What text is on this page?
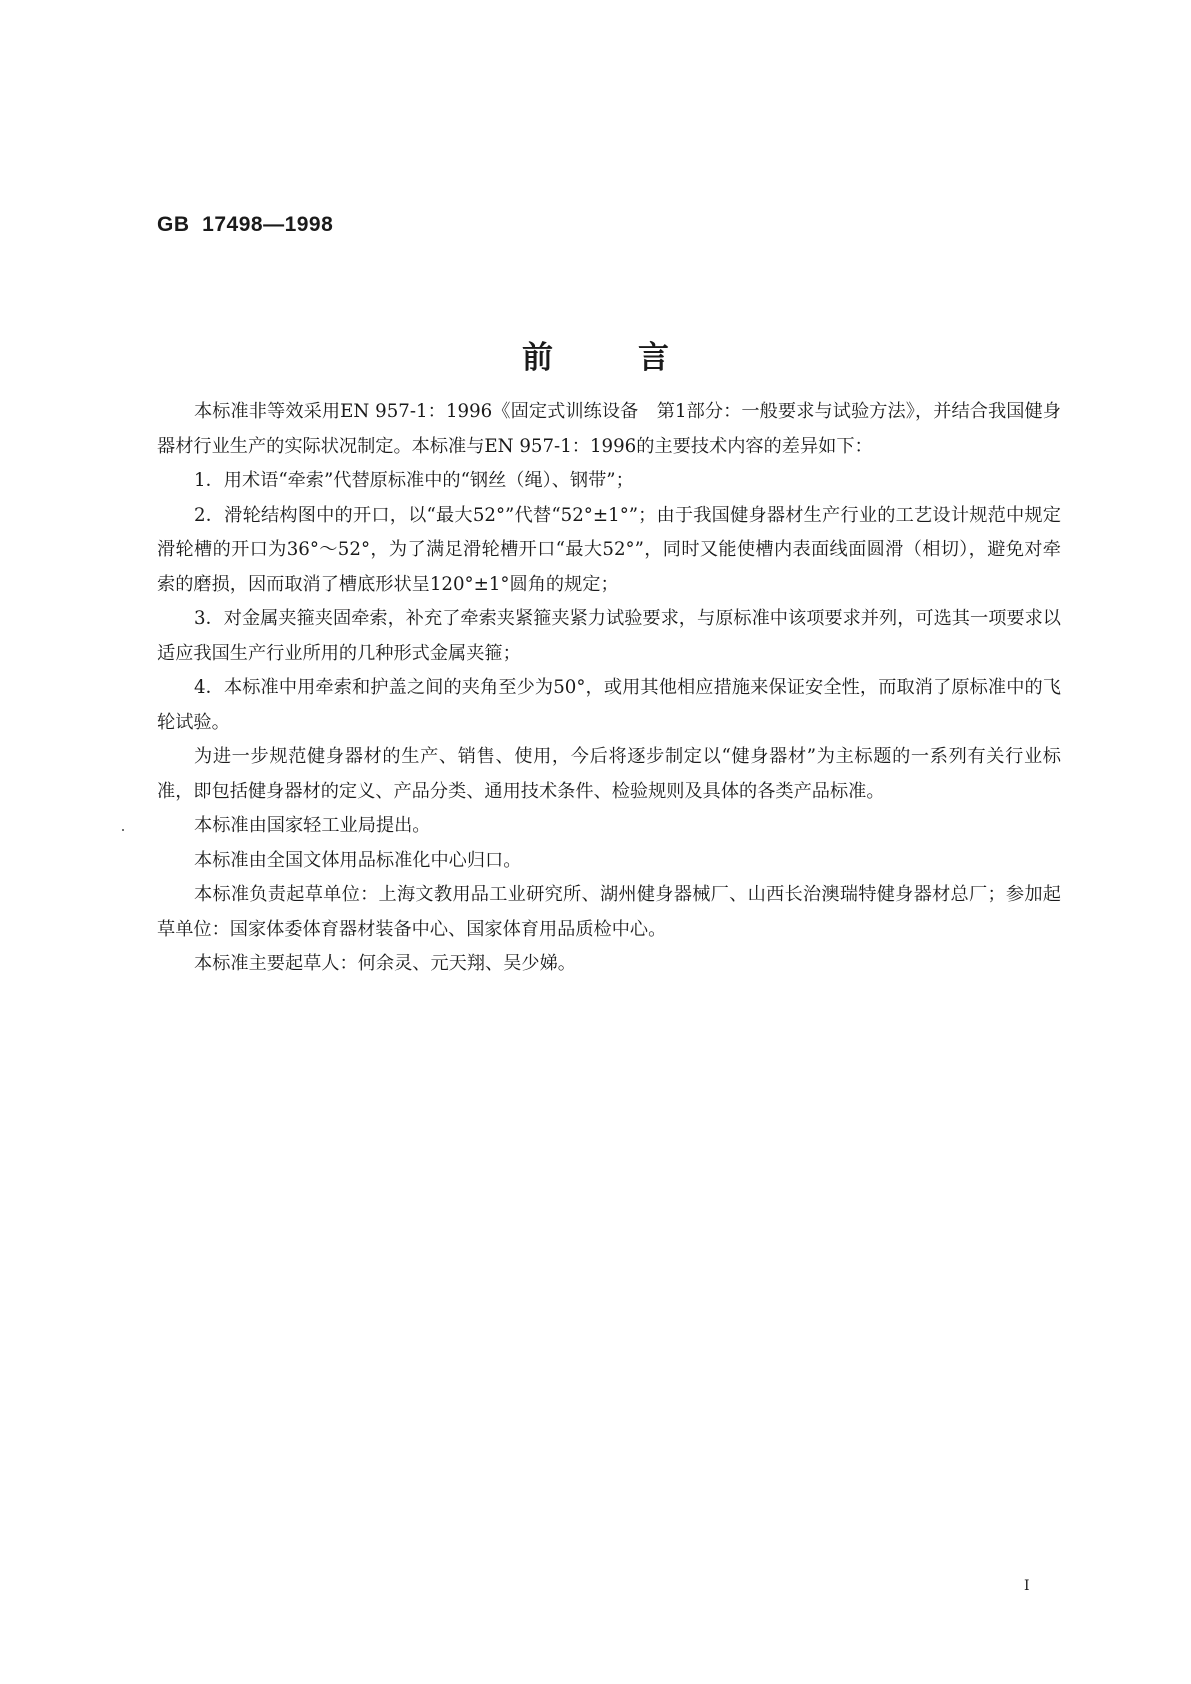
GB  17498—1998
前言

本标准非等效采用EN 957-1：1996《固定式训练设备　第1部分：一般要求与试验方法》，并结合我国健身器材行业生产的实际状况制定。本标准与EN 957-1：1996的主要技术内容的差异如下：

1．用术语“牵索”代替原标准中的“钢丝（绳）、钢带”；

2．滑轮结构图中的开口，以“最大52°”代替“52°±1°”；由于我国健身器材生产行业的工艺设计规范中规定滑轮槽的开口为36°～52°，为了满足滑轮槽开口“最大52°”，同时又能使槽内表面线面圆滑（相切），避免对牵索的磨损，因而取消了槽底形状呈120°±1°圆角的规定；

3．对金属夹箍夹固牵索，补充了牵索夹紧箍夹紧力试验要求，与原标准中该项要求并列，可选其一项要求以适应我国生产行业所用的几种形式金属夹箍；

4．本标准中用牵索和护盖之间的夹角至少为50°，或用其他相应措施来保证安全性，而取消了原标准中的飞轮试验。

为进一步规范健身器材的生产、销售、使用，今后将逐步制定以“健身器材”为主标题的一系列有关行业标准，即包括健身器材的定义、产品分类、通用技术条件、检验规则及具体的各类产品标准。

本标准由国家轻工业局提出。

本标准由全国文体用品标准化中心归口。

本标准负责起草单位：上海文教用品工业研究所、湖州健身器械厂、山西长治澳瑞特健身器材总厂；参加起草单位：国家体委体育器材装备中心、国家体育用品质检中心。

本标准主要起草人：何余灵、元天翔、吴少娣。

I
